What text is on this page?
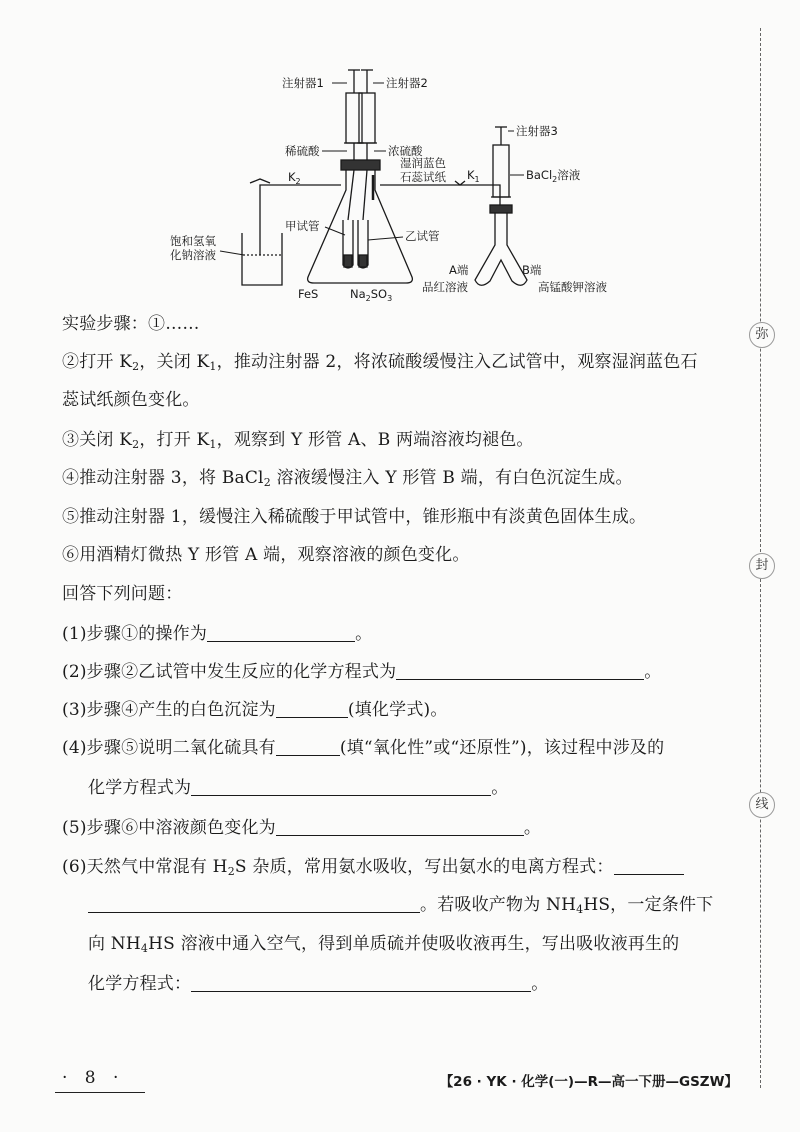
注射器1	注射器2
稀硫酸	浓硫酸
湿润蓝色
石蕊试纸
$K_2$	$K_1$
注射器3
BaCl$_2$溶液
饱和氢氧
化钠溶液
甲试管
乙试管
FeS	$Na_2SO_3$
A端	B端
品红溶液	高锰酸钾溶液
实验步骤：①……
②打开 $K_2$，关闭 $K_1$，推动注射器 2，将浓硫酸缓慢注入乙试管中，观察湿润蓝色石
蕊试纸颜色变化。
③关闭 $K_2$，打开 $K_1$，观察到 Y 形管 A、B 两端溶液均褪色。
④推动注射器 3，将 BaCl$_2$ 溶液缓慢注入 Y 形管 B 端，有白色沉淀生成。
⑤推动注射器 1，缓慢注入稀硫酸于甲试管中，锥形瓶中有淡黄色固体生成。
⑥用酒精灯微热 Y 形管 A 端，观察溶液的颜色变化。
回答下列问题：
(1)步骤①的操作为	。
(2)步骤②乙试管中发生反应的化学方程式为	。
(3)步骤④产生的白色沉淀为	(填化学式)。
(4)步骤⑤说明二氧化硫具有	(填“氧化性”或“还原性”)，该过程中涉及的
化学方程式为	。
(5)步骤⑥中溶液颜色变化为	。
(6)天然气中常混有 $H_2S$ 杂质，常用氨水吸收，写出氨水的电离方程式：
。若吸收产物为 $NH_4HS$，一定条件下
向 $NH_4HS$ 溶液中通入空气，得到单质硫并使吸收液再生，写出吸收液再生的
化学方程式：	。
弥
封
线
· 8 ·	【26 · YK · 化学(一)—R—高一下册—GSZW】
